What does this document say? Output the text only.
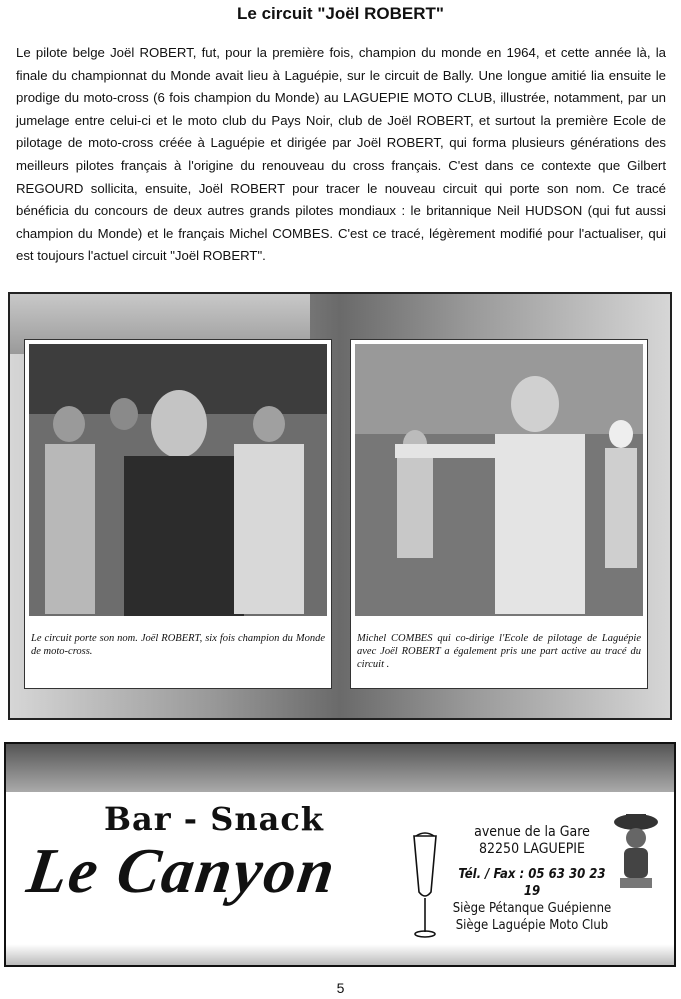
Le circuit "Joël ROBERT"

Le pilote belge Joël ROBERT, fut, pour la première fois, champion du monde en 1964, et cette année là, la finale du championnat du Monde avait lieu à Laguépie, sur le circuit de Bally. Une longue amitié lia ensuite le prodige du moto-cross (6 fois champion du Monde) au LAGUEPIE MOTO CLUB, illustrée, notamment, par un jumelage entre celui-ci et le moto club du Pays Noir, club de Joël ROBERT, et surtout la première Ecole de pilotage de moto-cross créée à Laguépie et dirigée par Joël ROBERT, qui forma plusieurs générations des meilleurs pilotes français à l'origine du renouveau du cross français. C'est dans ce contexte que Gilbert REGOURD sollicita, ensuite, Joël ROBERT pour tracer le nouveau circuit qui porte son nom. Ce tracé bénéficia du concours de deux autres grands pilotes mondiaux : le britannique Neil HUDSON (qui fut aussi champion du Monde) et le français Michel COMBES. C'est ce tracé, légèrement modifié pour l'actualiser, qui est toujours l'actuel circuit "Joël ROBERT".

Le circuit porte son nom. Joël ROBERT, six fois champion du Monde de moto-cross.
Michel COMBES qui co-dirige l'Ecole de pilotage de Laguépie avec Joël ROBERT a également pris une part active au tracé du circuit .
Bar - Snack
Le Canyon
avenue de la Gare
82250 LAGUEPIE
Tél. / Fax : 05 63 30 23 19
Siège Pétanque Guépienne
Siège Laguépie Moto Club
5
